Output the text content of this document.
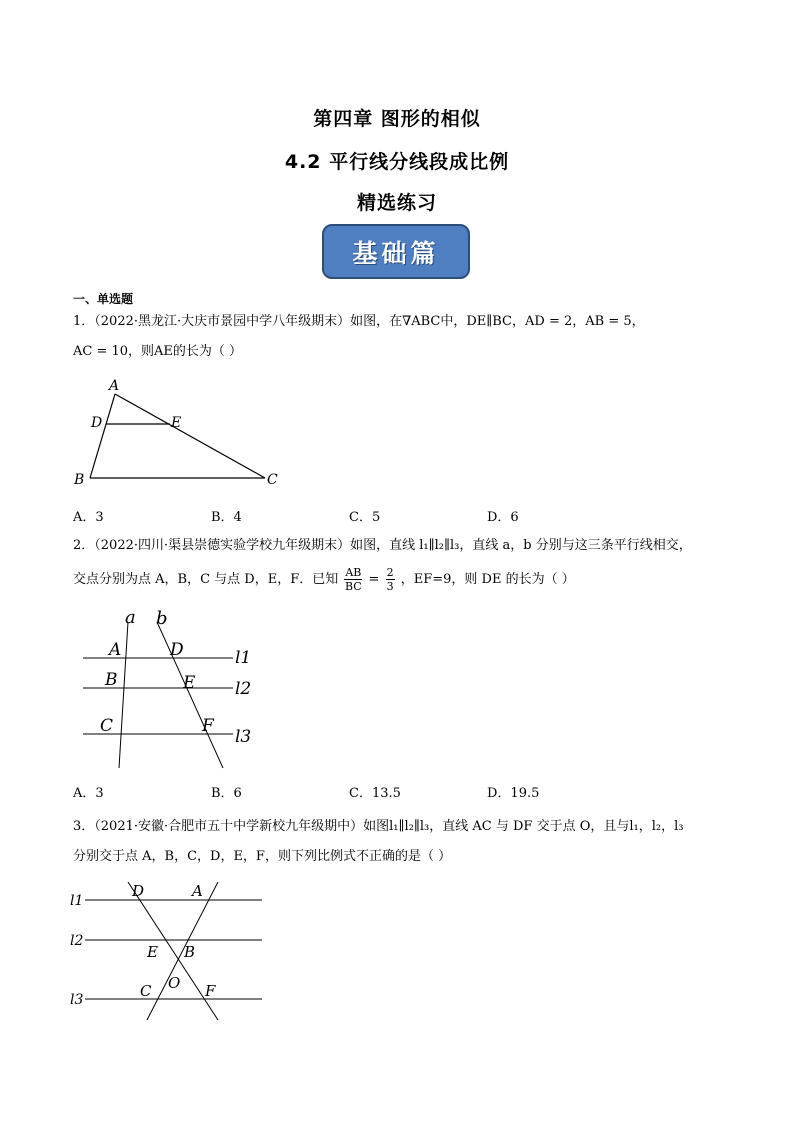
第四章 图形的相似
4.2 平行线分线段成比例
精选练习
基础篇
一、单选题
1．（2022·黑龙江·大庆市景园中学八年级期末）如图，在∇ABC中，DE∥BC，AD = 2，AB = 5，
AC = 10，则AE的长为（ ）
A
D	E
B	C
A．3	B．4	C．5	D．6
2．（2022·四川·渠县崇德实验学校九年级期末）如图，直线 l₁∥l₂∥l₃，直线 a，b 分别与这三条平行线相交，
交点分别为点 A，B，C 与点 D，E，F．已知 $\frac{AB}{BC} = \frac{2}{3}$ ，EF=9，则 DE 的长为（ ）
a b
A	D	l1
B	E l2
C	F
l3
A．3	B．6	C．13.5	D．19.5
3．（2021·安徽·合肥市五十中学新校九年级期中）如图l₁∥l₂∥l₃，直线 AC 与 DF 交于点 O，且与l₁，l₂，l₃
分别交于点 A，B，C，D，E，F，则下列比例式不正确的是（ ）
D	A
l1
E B
l2
O
C	F
l3
